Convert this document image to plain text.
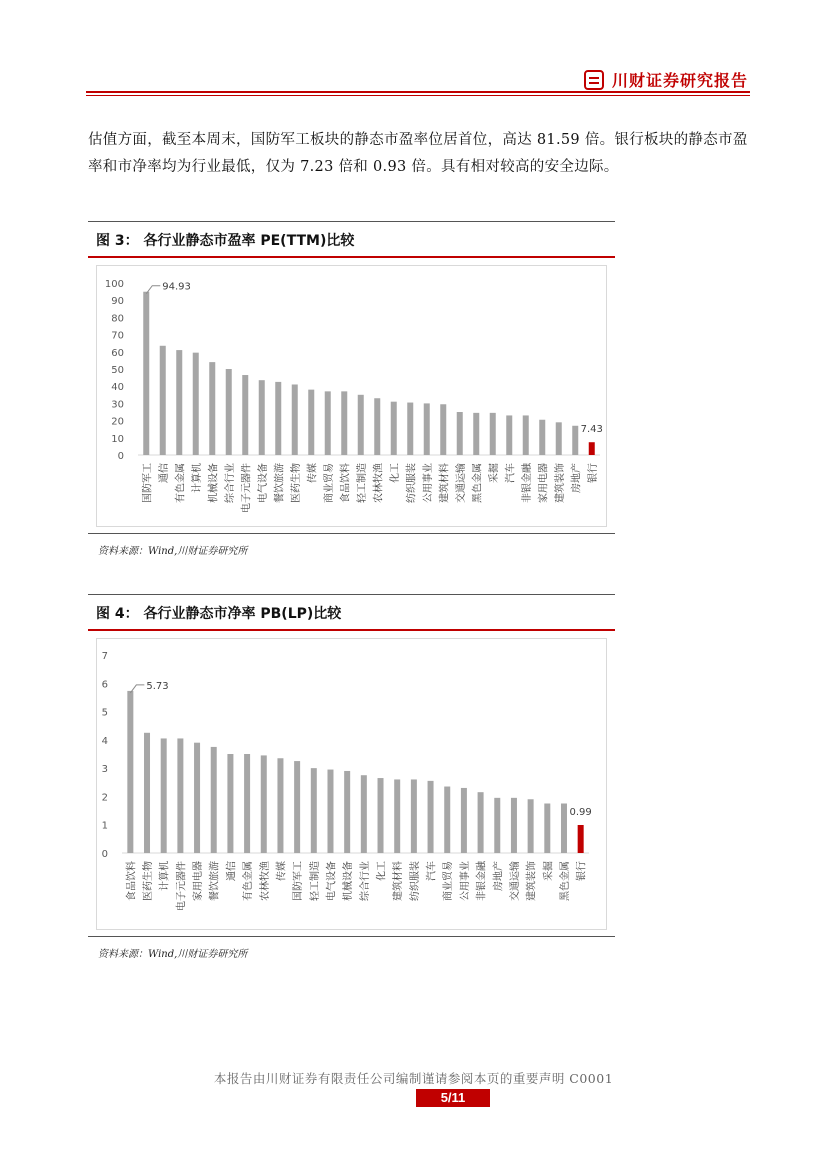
川财证券研究报告
估值方面，截至本周末，国防军工板块的静态市盈率位居首位，高达 81.59 倍。银行板块的静态市盈率和市净率均为行业最低，仅为 7.23 倍和 0.93 倍。具有相对较高的安全边际。
图 3： 各行业静态市盈率 PE(TTM)比较
0
10
20
30
40
50
60
70
80
90
100
国防军工
94.93
通信 有色金属 计算机 机械设备 综合行业 电子元器件 电气设备 餐饮旅游 医药生物 传媒 商业贸易 食品饮料 轻工制造 农林牧渔 化工 纺织服装 公用事业 建筑材料 交通运输 黑色金属 采掘 汽车 非银金融 家用电器 建筑装饰 房地产 银行
7.43
资料来源：Wind,川财证券研究所
图 4： 各行业静态市净率 PB(LP)比较
0
1
2
3
4
5
6
7
食品饮料
5.73
医药生物 计算机 电子元器件 家用电器 餐饮旅游 通信 有色金属 农林牧渔 传媒 国防军工 轻工制造 电气设备 机械设备 综合行业 化工 建筑材料 纺织服装 汽车 商业贸易 公用事业 非银金融 房地产 交通运输 建筑装饰 采掘 黑色金属 银行
0.99
资料来源：Wind,川财证券研究所
本报告由川财证券有限责任公司编制谨请参阅本页的重要声明 C0001
5/11
